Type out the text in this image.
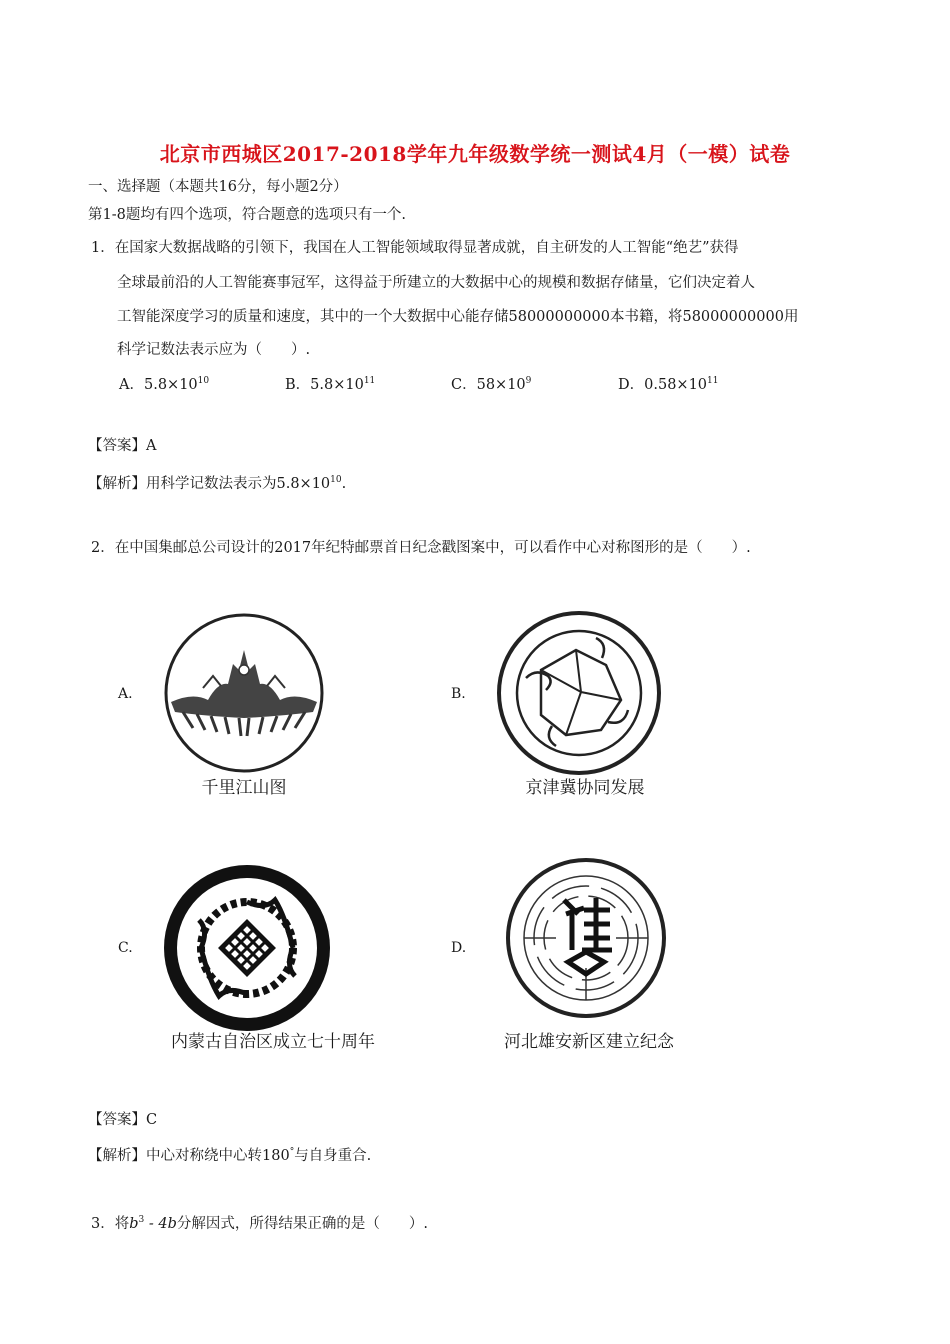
北京市西城区2017-2018学年九年级数学统一测试4月（一模）试卷
一、选择题（本题共16分，每小题2分）
第1-8题均有四个选项，符合题意的选项只有一个.
1．在国家大数据战略的引领下，我国在人工智能领域取得显著成就，自主研发的人工智能“绝艺”获得
全球最前沿的人工智能赛事冠军，这得益于所建立的大数据中心的规模和数据存储量，它们决定着人
工智能深度学习的质量和速度，其中的一个大数据中心能存储58000000000本书籍，将58000000000用
科学记数法表示应为（　　）.
A．$5.8\times 10^{10}$	B．$5.8\times 10^{11}$	C．$58\times 10^9$	D．$0.58\times 10^{11}$
【答案】A
【解析】用科学记数法表示为$5.8\times 10^{10}$.
2．在中国集邮总公司设计的2017年纪特邮票首日纪念戳图案中，可以看作中心对称图形的是（　　）.
A.	B.
C.	D.
千里江山图	京津冀协同发展
内蒙古自治区成立七十周年	河北雄安新区建立纪念
【答案】C
【解析】中心对称绕中心转180°与自身重合.
3．将$b^3 - 4b$分解因式，所得结果正确的是（　　）.
